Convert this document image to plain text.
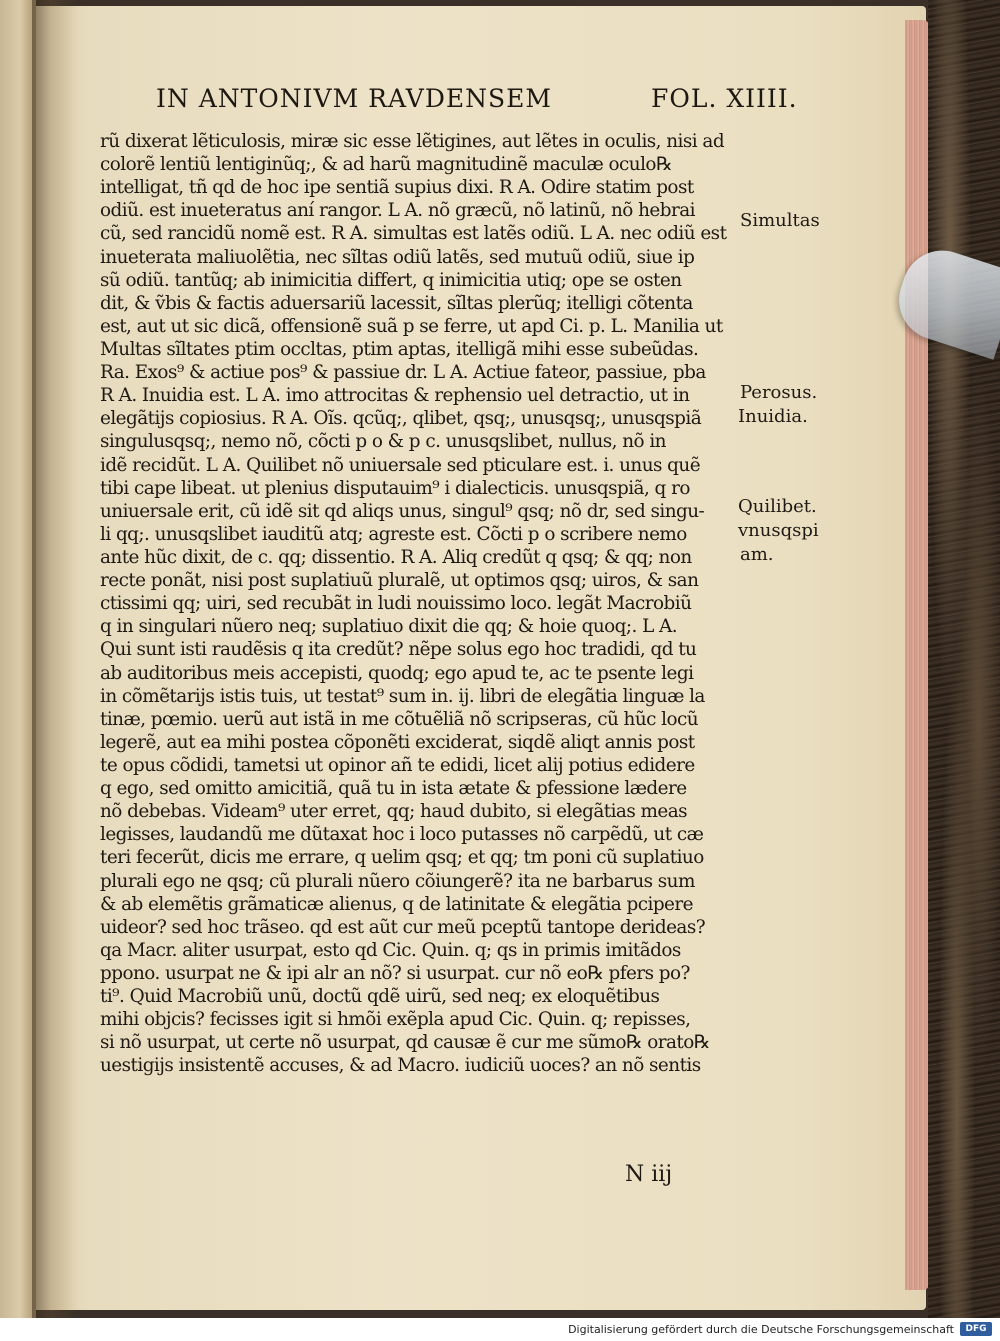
IN ANTONIVM RAVDENSEM	FOL. XIIII.
rũ dixerat lẽticulosis, miræ sic esse lẽtigines, aut lẽtes in oculis, nisi ad
colorẽ lentiũ lentiginũq;, & ad harũ magnitudinẽ maculæ oculo℞
intelligat, tñ qd de hoc ipe sentiã supius dixi. R A. Odire statim post
odiũ. est inueteratus aní rangor. L A. nõ græcũ, nõ latinũ, nõ hebrai
cũ, sed rancidũ nomẽ est. R A. simultas est latẽs odiũ. L A. nec odiũ est
inueterata maliuolẽtia, nec sĩltas odiũ latẽs, sed mutuũ odiũ, siue ip
sũ odiũ. tantũq; ab inimicitia differt, q inimicitia utiq; ope se osten
dit, & ṽbis & factis aduersariũ lacessit, sĩltas plerũq; itelligi cõtenta
est, aut ut sic dicã, offensionẽ suã p se ferre, ut apd Ci. p. L. Manilia ut
Multas sĩltates ptim occltas, ptim aptas, itelligã mihi esse subeũdas.
Ra. Exos⁹ & actiue pos⁹ & passiue dr. L A. Actiue fateor, passiue, pba
R A. Inuidia est. L A. imo attrocitas & rephensio uel detractio, ut in
elegãtijs copiosius. R A. Oĩs. qcũq;, qlibet, qsq;, unusqsq;, unusqspiã
singulusqsq;, nemo nõ, cõcti p o & p c. unusqslibet, nullus, nõ in
idẽ recidũt. L A. Quilibet nõ uniuersale sed pticulare est. i. unus quẽ
tibi cape libeat. ut plenius disputauim⁹ i dialecticis. unusqspiã, q ro
uniuersale erit, cũ idẽ sit qd aliqs unus, singul⁹ qsq; nõ dr, sed singu-
li qq;. unusqslibet iauditũ atq; agreste est. Cõcti p o scribere nemo
ante hũc dixit, de c. qq; dissentio. R A. Aliq credũt q qsq; & qq; non
recte ponãt, nisi post suplatiuũ pluralẽ, ut optimos qsq; uiros, & san
ctissimi qq; uiri, sed recubãt in ludi nouissimo loco. legãt Macrobiũ
q in singulari nũero neq; suplatiuo dixit die qq; & hoie quoq;. L A.
Qui sunt isti raudẽsis q ita credũt? nẽpe solus ego hoc tradidi, qd tu
ab auditoribus meis accepisti, quodq; ego apud te, ac te psente legi
in cõmẽtarijs istis tuis, ut testat⁹ sum in. ij. libri de elegãtia linguæ la
tinæ, pœmio. uerũ aut istã in me cõtuẽliã nõ scripseras, cũ hũc locũ
legerẽ, aut ea mihi postea cõponẽti exciderat, siqdẽ aliqt annis post
te opus cõdidi, tametsi ut opinor añ te edidi, licet alij potius edidere
q ego, sed omitto amicitiã, quã tu in ista ætate & pfessione lædere
nõ debebas. Videam⁹ uter erret, qq; haud dubito, si elegãtias meas
legisses, laudandũ me dũtaxat hoc i loco putasses nõ carpẽdũ, ut cæ
teri fecerũt, dicis me errare, q uelim qsq; et qq; tm poni cũ suplatiuo
plurali ego ne qsq; cũ plurali nũero cõiungerẽ? ita ne barbarus sum
& ab elemẽtis grãmaticæ alienus, q de latinitate & elegãtia pcipere
uideor? sed hoc trãseo. qd est aũt cur meũ pceptũ tantope derideas?
qa Macr. aliter usurpat, esto qd Cic. Quin. q; qs in primis imitãdos
ppono. usurpat ne & ipi alr an nõ? si usurpat. cur nõ eo℞ pfers po?
ti⁹. Quid Macrobiũ unũ, doctũ qdẽ uirũ, sed neq; ex eloquẽtibus
mihi objcis? fecisses igit si hmõi exẽpla apud Cic. Quin. q; repisses,
si nõ usurpat, ut certe nõ usurpat, qd causæ ẽ cur me sũmo℞ orato℞
uestigijs insistentẽ accuses, & ad Macro. iudiciũ uoces? an nõ sentis
Simultas
Perosus.
Inuidia.
Quilibet.
vnusqspi
am.
N iij
Digitalisierung gefördert durch die Deutsche Forschungsgemeinschaft	DFG
